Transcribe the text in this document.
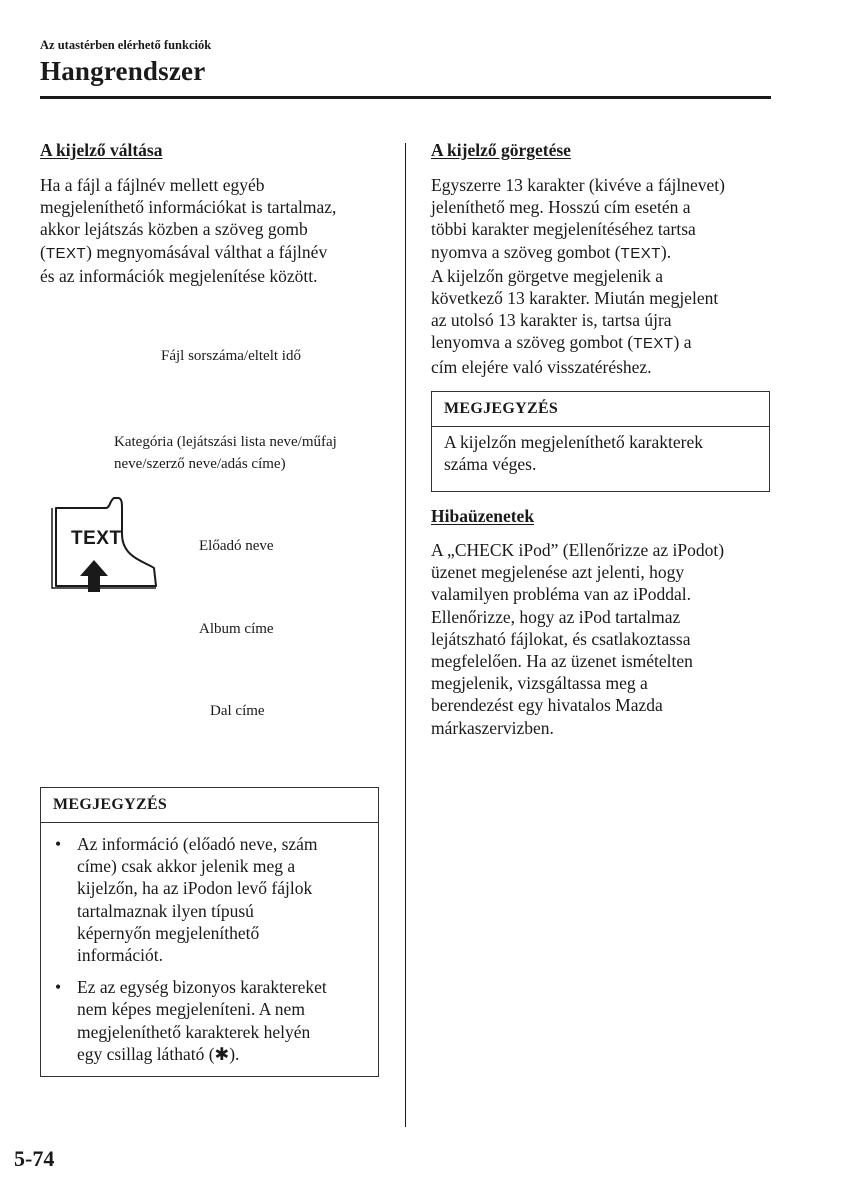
Az utastérben elérhető funkciók
Hangrendszer
A kijelző váltása
Ha a fájl a fájlnév mellett egyéb
megjeleníthető információkat is tartalmaz,
akkor lejátszás közben a szöveg gomb
(TEXT) megnyomásával válthat a fájlnév
és az információk megjelenítése között.
Fájl sorszáma/eltelt idő
Kategória (lejátszási lista neve/műfaj
neve/szerző neve/adás címe)
Előadó neve
Album címe
Dal címe
TEXT
MEGJEGYZÉS
• Az információ (előadó neve, szám
címe) csak akkor jelenik meg a
kijelzőn, ha az iPodon levő fájlok
tartalmaznak ilyen típusú
képernyőn megjeleníthető
információt.
• Ez az egység bizonyos karaktereket
nem képes megjeleníteni. A nem
megjeleníthető karakterek helyén
egy csillag látható (✱).
A kijelző görgetése
Egyszerre 13 karakter (kivéve a fájlnevet)
jeleníthető meg. Hosszú cím esetén a
többi karakter megjelenítéséhez tartsa
nyomva a szöveg gombot (TEXT).
A kijelzőn görgetve megjelenik a
következő 13 karakter. Miután megjelent
az utolsó 13 karakter is, tartsa újra
lenyomva a szöveg gombot (TEXT) a
cím elejére való visszatéréshez.
MEGJEGYZÉS
A kijelzőn megjeleníthető karakterek
száma véges.
Hibaüzenetek
A „CHECK iPod” (Ellenőrizze az iPodot)
üzenet megjelenése azt jelenti, hogy
valamilyen probléma van az iPoddal.
Ellenőrizze, hogy az iPod tartalmaz
lejátszható fájlokat, és csatlakoztassa
megfelelően. Ha az üzenet ismételten
megjelenik, vizsgáltassa meg a
berendezést egy hivatalos Mazda
márkaszervizben.
5-74
